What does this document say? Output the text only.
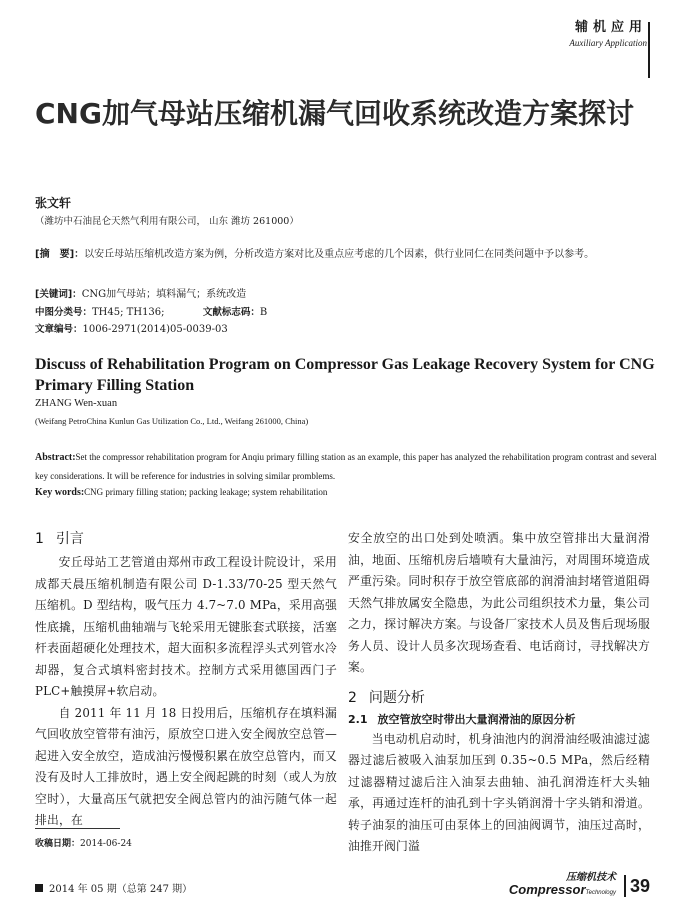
辅机应用
Auxiliary Application
CNG加气母站压缩机漏气回收系统改造方案探讨
张文轩
（潍坊中石油昆仑天然气利用有限公司， 山东 潍坊 261000）
[摘　要]：以安丘母站压缩机改造方案为例，分析改造方案对比及重点应考虑的几个因素，供行业同仁在同类问题中予以参考。
[关键词]：CNG加气母站；填料漏气；系统改造
中图分类号：TH45; TH136;	文献标志码：B
文章编号：1006-2971(2014)05-0039-03
Discuss of Rehabilitation Program on Compressor Gas Leakage Recovery System for CNG Primary Filling Station
ZHANG Wen-xuan
(Weifang PetroChina Kunlun Gas Utilization Co., Ltd., Weifang 261000, China)
Abstract:Set the compressor rehabilitation program for Anqiu primary filling station as an example, this paper has analyzed the rehabilitation program contrast and several key considerations. It will be reference for industries in solving similar promblems.
Key words:CNG primary filling station; packing leakage; system rehabilitation
1 引言

安丘母站工艺管道由郑州市政工程设计院设计，采用成都天晨压缩机制造有限公司 D-1.33/70-25 型天然气压缩机。D 型结构，吸气压力 4.7~7.0 MPa，采用高强性底撬，压缩机曲轴端与飞轮采用无键胀套式联接，活塞杆表面超硬化处理技术，超大面积多流程浮头式列管水冷却器，复合式填料密封技术。控制方式采用德国西门子 PLC+触摸屏+软启动。

自 2011 年 11 月 18 日投用后，压缩机存在填料漏气回收放空管带有油污，原放空口进入安全阀放空总管—起进入安全放空，造成油污慢慢积累在放空总管内，而又没有及时人工排放时，遇上安全阀起跳的时刻（或人为放空时），大量高压气就把安全阀总管内的油污随气体一起排出，在

安全放空的出口处到处喷洒。集中放空管排出大量润滑油，地面、压缩机房后墙喷有大量油污，对周围环境造成严重污染。同时积存于放空管底部的润滑油封堵管道阻碍天然气排放属安全隐患，为此公司组织技术力量，集公司之力，探讨解决方案。与设备厂家技术人员及售后现场服务人员、设计人员多次现场查看、电话商讨，寻找解决方案。

2 问题分析
2.1 放空管放空时带出大量润滑油的原因分析

当电动机启动时，机身油池内的润滑油经吸油滤过滤器过滤后被吸入油泵加压到 0.35~0.5 MPa，然后经精过滤器精过滤后注入油泵去曲轴、油孔润滑连杆大头轴承，再通过连杆的油孔到十字头销润滑十字头销和滑道。转子油泵的油压可由泵体上的回油阀调节，油压过高时，油推开阀门溢

收稿日期：2014-06-24
2014 年 05 期（总第 247 期）
压缩机技术
CompressorTechnology 39
